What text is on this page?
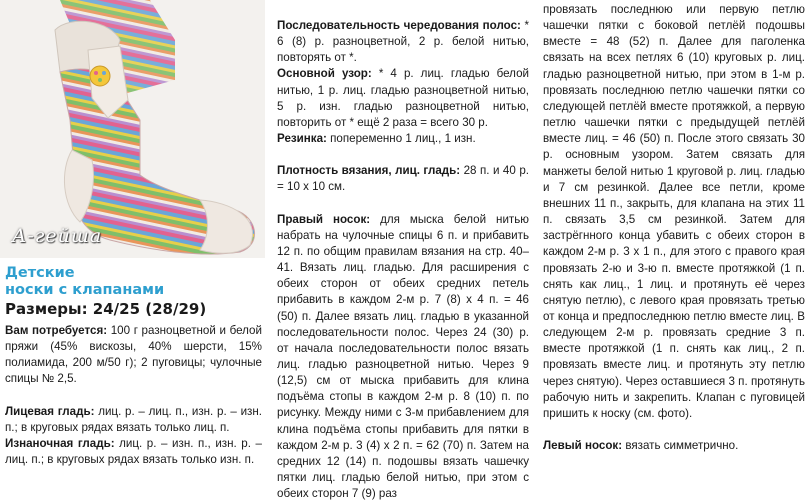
А-гейша
Детские
носки с клапанами
Размеры: 24/25 (28/29)

Вам потребуется: 100 г разноцветной и белой пряжи (45% вискозы, 40% шерсти, 15% полиамида, 200 м/50 г); 2 пуговицы; чулочные спицы № 2,5.

Лицевая гладь: лиц. р. – лиц. п., изн. р. – изн. п.; в круговых рядах вязать только лиц. п.

Изнаночная гладь: лиц. р. – изн. п., изн. р. – лиц. п.; в круговых рядах вязать только изн. п.

Последовательность чередования полос: * 6 (8) р. разноцветной, 2 р. белой нитью, повторять от *.

Основной узор: * 4 р. лиц. гладью белой нитью, 1 р. лиц. гладью разноцветной нитью, 5 р. изн. гладью разноцветной нитью, повторить от * ещё 2 раза = всего 30 р.

Резинка: попеременно 1 лиц., 1 изн.

Плотность вязания, лиц. гладь: 28 п. и 40 р. = 10 x 10 см.

Правый носок: для мыска белой нитью набрать на чулочные спицы 6 п. и прибавить 12 п. по общим правилам вязания на стр. 40–41. Вязать лиц. гладью. Для расширения с обеих сторон от обеих средних петель прибавить в каждом 2-м р. 7 (8) x 4 п. = 46 (50) п. Далее вязать лиц. гладью в указанной последовательности полос. Через 24 (30) р. от начала последовательности полос вязать лиц. гладью разноцветной нитью. Через 9 (12,5) см от мыска прибавить для клина подъёма стопы в каждом 2-м р. 8 (10) п. по рисунку. Между ними с 3-м прибавлением для клина подъёма стопы прибавить для пятки в каждом 2-м р. 3 (4) x 2 п. = 62 (70) п. Затем на средних 12 (14) п. подошвы вязать чашечку пятки лиц. гладью белой нитью, при этом с обеих сторон 7 (9) раз

провязать последнюю или первую петлю чашечки пятки с боковой петлёй подошвы вместе = 48 (52) п. Далее для паголенка связать на всех петлях 6 (10) круговых р. лиц. гладью разноцветной нитью, при этом в 1-м р. провязать последнюю петлю чашечки пятки со следующей петлёй вместе протяжкой, а первую петлю чашечки пятки с предыдущей петлёй вместе лиц. = 46 (50) п. После этого связать 30 р. основным узором. Затем связать для манжеты белой нитью 1 круговой р. лиц. гладью и 7 см резинкой. Далее все петли, кроме внешних 11 п., закрыть, для клапана на этих 11 п. связать 3,5 см резинкой. Затем для застрёгнного конца убавить с обеих сторон в каждом 2-м р. 3 x 1 п., для этого с правого края провязать 2-ю и 3-ю п. вместе протяжкой (1 п. снять как лиц., 1 лиц. и протянуть её через снятую петлю), с левого края провязать третью от конца и предпоследнюю петлю вместе лиц. В следующем 2-м р. провязать средние 3 п. вместе протяжкой (1 п. снять как лиц., 2 п. провязать вместе лиц. и протянуть эту петлю через снятую). Через оставшиеся 3 п. протянуть рабочую нить и закрепить. Клапан с пуговицей пришить к носку (см. фото).

Левый носок: вязать симметрично.
